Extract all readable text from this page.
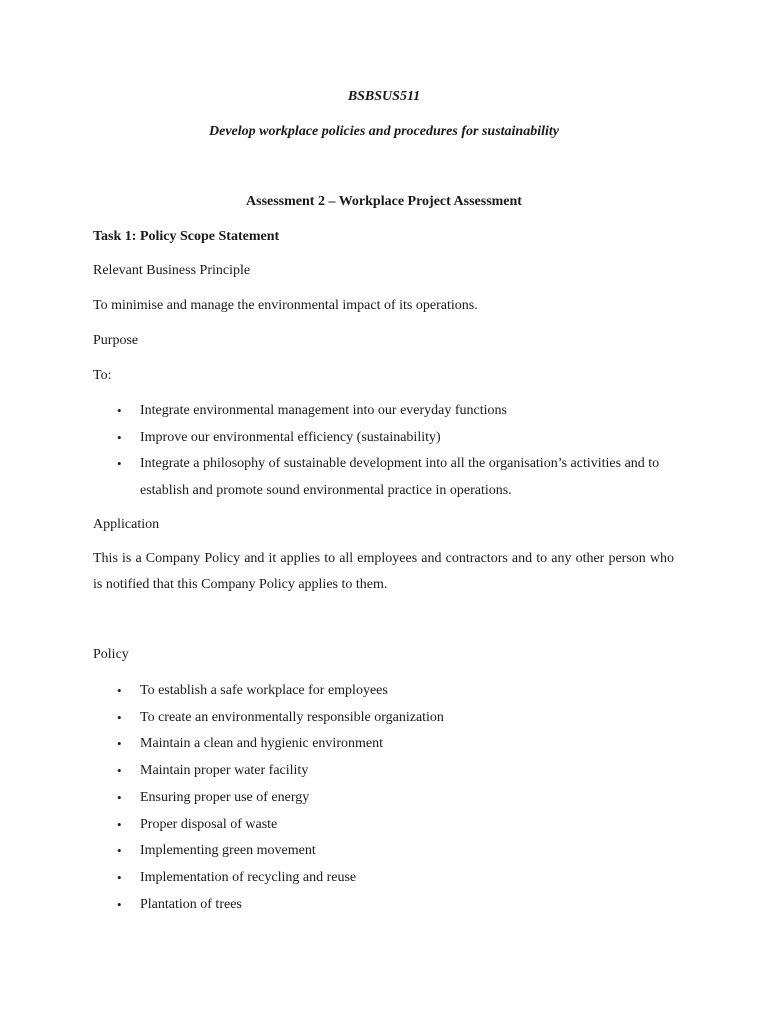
BSBSUS511
Develop workplace policies and procedures for sustainability
Assessment 2 – Workplace Project Assessment
Task 1: Policy Scope Statement
Relevant Business Principle
To minimise and manage the environmental impact of its operations.
Purpose
To:
• Integrate environmental management into our everyday functions
• Improve our environmental efficiency (sustainability)
• Integrate a philosophy of sustainable development into all the organisation’s activities and to establish and promote sound environmental practice in operations.
Application
This is a Company Policy and it applies to all employees and contractors and to any other person who is notified that this Company Policy applies to them.
Policy
• To establish a safe workplace for employees
• To create an environmentally responsible organization
• Maintain a clean and hygienic environment
• Maintain proper water facility
• Ensuring proper use of energy
• Proper disposal of waste
• Implementing green movement
• Implementation of recycling and reuse
• Plantation of trees
